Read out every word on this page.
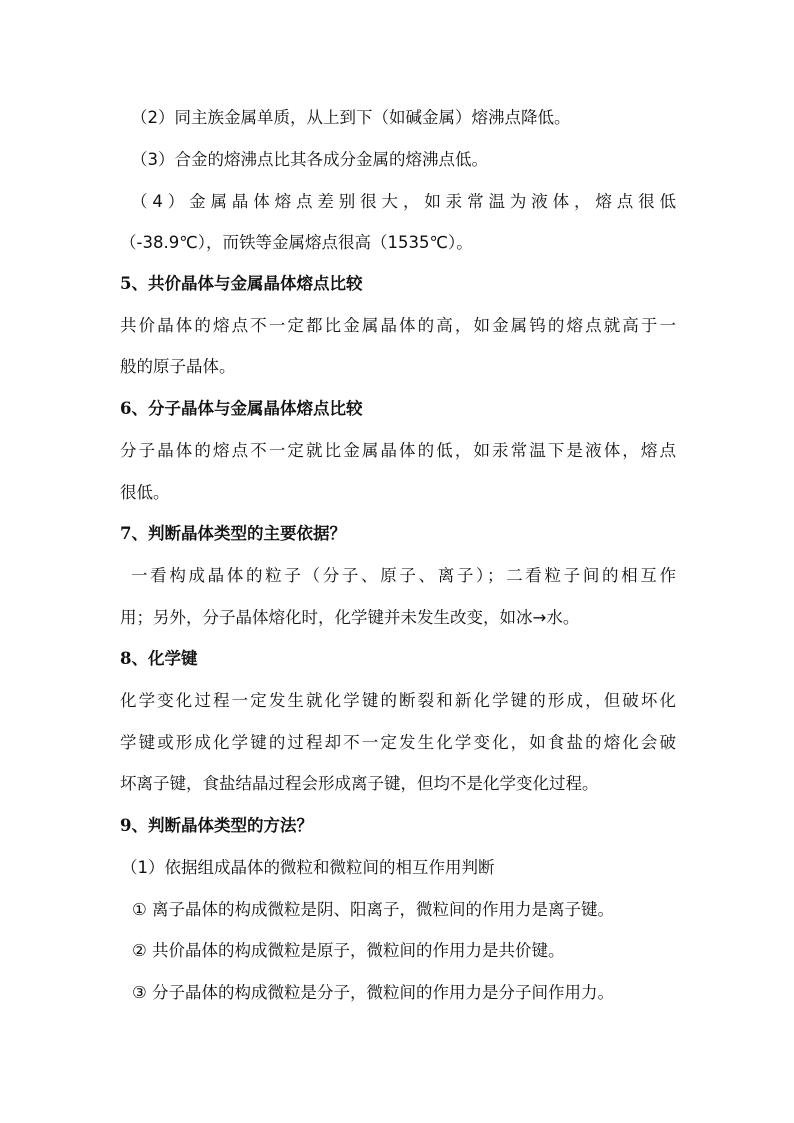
（2）同主族金属单质，从上到下（如碱金属）熔沸点降低。
（3）合金的熔沸点比其各成分金属的熔沸点低。
（4）金属晶体熔点差别很大，如汞常温为液体，熔点很低
（-38.9℃），而铁等金属熔点很高（1535℃）。
5、共价晶体与金属晶体熔点比较
共价晶体的熔点不一定都比金属晶体的高，如金属钨的熔点就高于一
般的原子晶体。
6、分子晶体与金属晶体熔点比较
分子晶体的熔点不一定就比金属晶体的低，如汞常温下是液体，熔点
很低。
7、判断晶体类型的主要依据？
一看构成晶体的粒子（分子、原子、离子）；二看粒子间的相互作
用；另外，分子晶体熔化时，化学键并未发生改变，如冰→水。
8、化学键
化学变化过程一定发生就化学键的断裂和新化学键的形成，但破坏化
学键或形成化学键的过程却不一定发生化学变化，如食盐的熔化会破
坏离子键，食盐结晶过程会形成离子键，但均不是化学变化过程。
9、判断晶体类型的方法？
（1）依据组成晶体的微粒和微粒间的相互作用判断
① 离子晶体的构成微粒是阴、阳离子，微粒间的作用力是离子键。
② 共价晶体的构成微粒是原子，微粒间的作用力是共价键。
③ 分子晶体的构成微粒是分子，微粒间的作用力是分子间作用力。
